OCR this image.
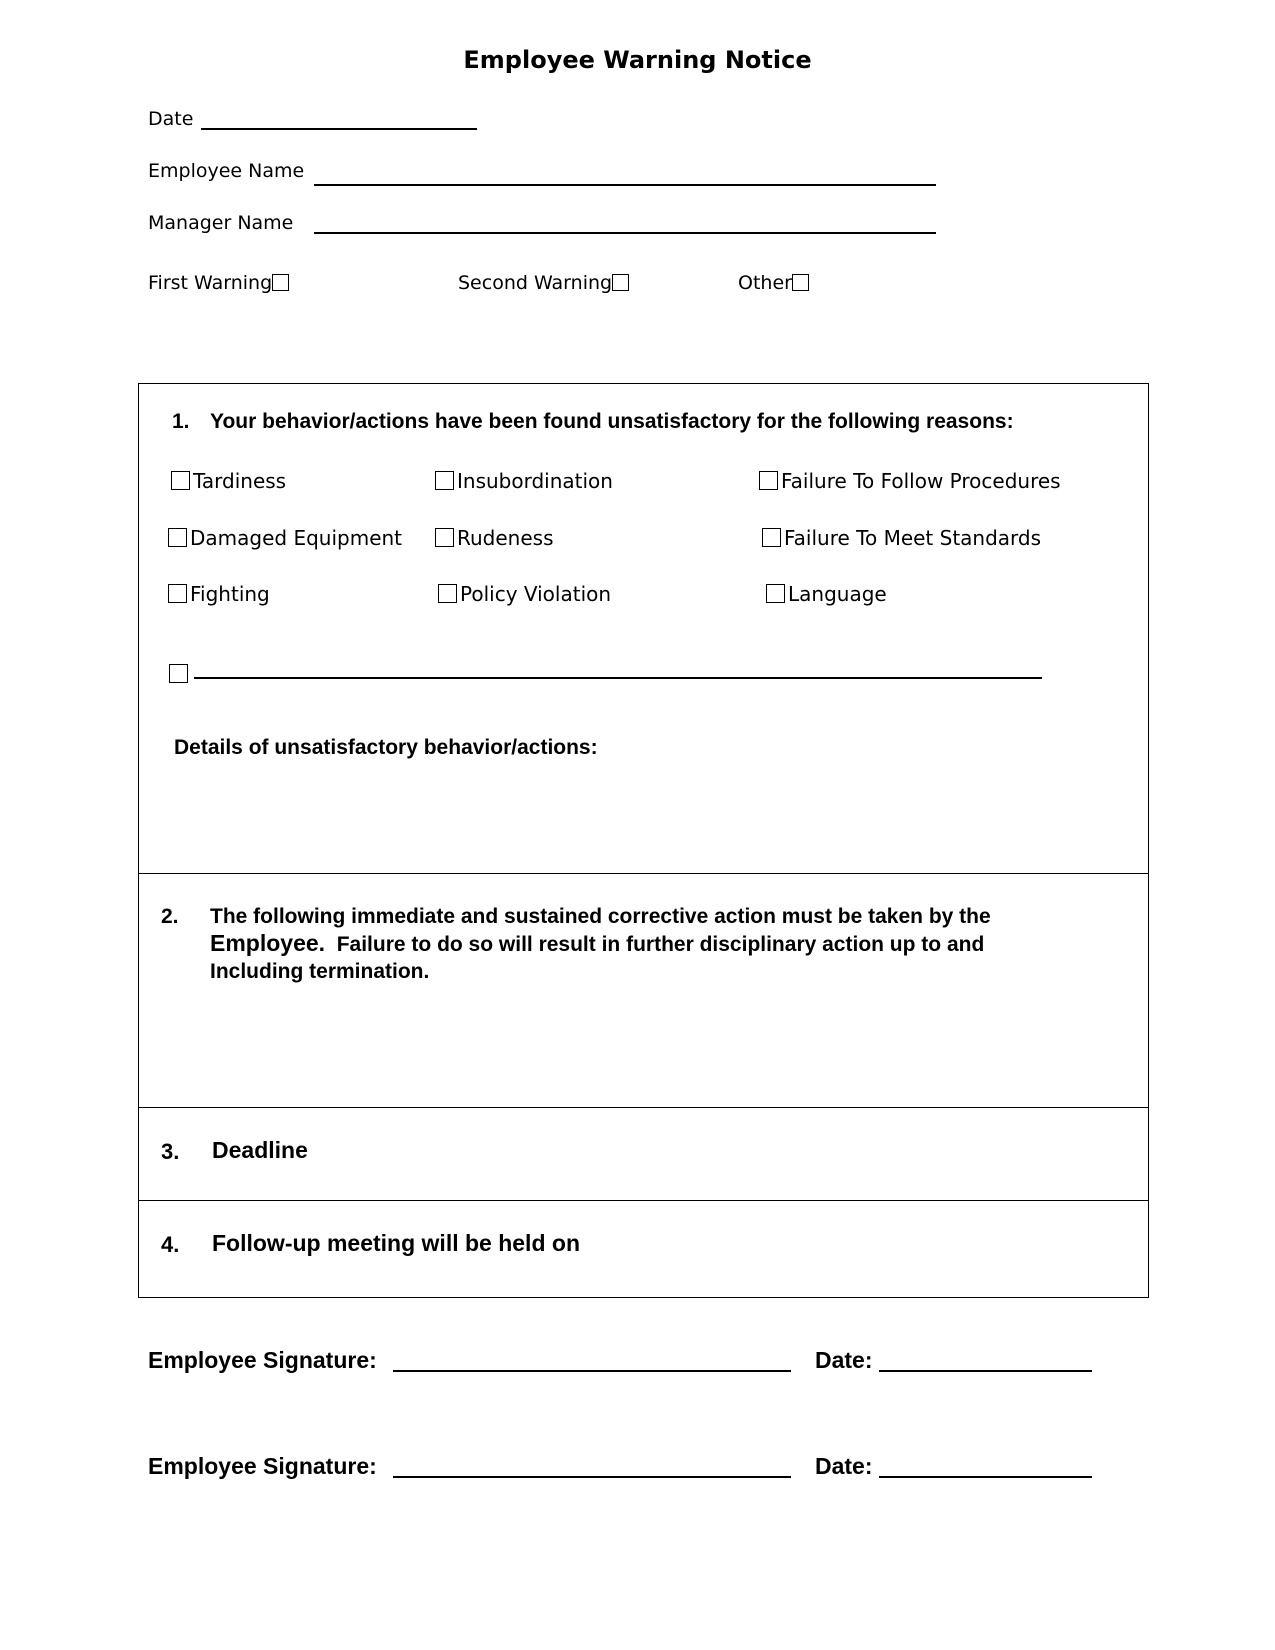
Employee Warning Notice
Date
Employee Name
Manager Name
First Warning	Second Warning	Other
1. Your behavior/actions have been found unsatisfactory for the following reasons:
Tardiness	Insubordination	Failure To Follow Procedures
Damaged Equipment	Rudeness	Failure To Meet Standards
Fighting	Policy Violation	Language
Details of unsatisfactory behavior/actions:
2. The following immediate and sustained corrective action must be taken by the
Employee. Failure to do so will result in further disciplinary action up to and
Including termination.
3. Deadline
4. Follow-up meeting will be held on
Employee Signature:	Date:
Employee Signature:	Date:
